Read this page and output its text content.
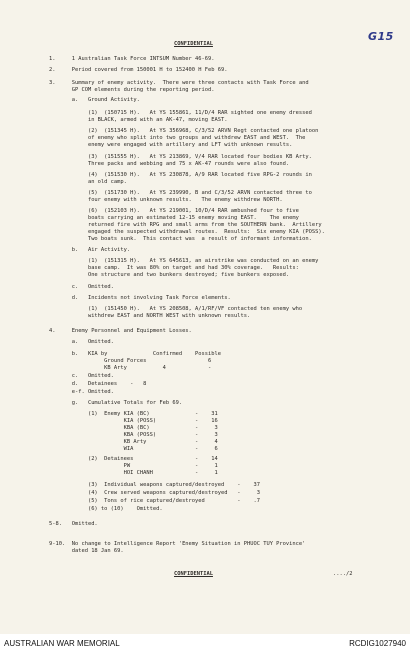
G15
CONFIDENTIAL
1.     1 Australian Task Force INTSUM Number 46-69.
2.     Period covered from 150001 H to 152400 H Feb 69.
3.     Summary of enemy activity.  There were three contacts with Task Force and
GP COM elements during the reporting period.
a.   Ground Activity.
(1)  (150715 H).   At YS 155861, 11/D/4 RAR sighted one enemy dressed
in BLACK, armed with an AK-47, moving EAST.
(2)  (151345 H).   At YS 356968, C/3/52 ARVN Regt contacted one platoon
of enemy who split into two groups and withdrew EAST and WEST.  The
enemy were engaged with artillery and LFT with unknown results.
(3)  (151555 H).   At YS 213869, V/4 RAR located four bodies KB Arty.
Three packs and webbing and 75 x AK-47 rounds were also found.
(4)  (151530 H).   At YS 230878, A/9 RAR located five RPG-2 rounds in
an old camp.
(5)  (151730 H).   At YS 239990, B and C/3/52 ARVN contacted three to
four enemy with unknown results.   The enemy withdrew NORTH.
(6)  (152103 H).   At YS 219001, 10/D/4 RAR ambushed four to five
boats carrying an estimated 12-15 enemy moving EAST.    The enemy
returned fire with RPG and small arms from the SOUTHERN bank.  Artillery
engaged the suspected withdrawal routes.  Results:  Six enemy KIA (POSS).
Two boats sunk.  This contact was  a result of informant information.
b.   Air Activity.
(1)  (151315 H).   At YS 645613, an airstrike was conducted on an enemy
base camp.  It was 80% on target and had 30% coverage.   Results:
One structure and two bunkers destroyed; five bunkers exposed.
c.   Omitted.
d.   Incidents not involving Task Force elements.
(1)  (151450 H).   At YS 208508, A/1/RF/VF contacted ten enemy who
withdrew EAST and NORTH WEST with unknown results.
4.     Enemy Personnel and Equipment Losses.
a.   Omitted.
b.   KIA by              Confirmed    Possible
Ground Forces                   6
KB Arty           4             -
c.   Omitted.
d.   Detainees    -   8
e-f. Omitted.
g.   Cumulative Totals for Feb 69.
(1)  Enemy KIA (BC)              -    31
KIA (POSS)            -    16
KBA (BC)              -     3
KBA (POSS)            -     3
KB Arty               -     4
WIA                   -     6
(2)  Detainees                   -    14
PW                    -     1
HOI CHANH             -     1
(3)  Individual weapons captured/destroyed    -    37
(4)  Crew served weapons captured/destroyed   -     3
(5)  Tons of rice captured/destroyed          -    .7
(6) to (10)    Omitted.
5-8.   Omitted.
9-10.  No change to Intelligence Report 'Enemy Situation in PHUOC TUY Province'
dated 18 Jan 69.
CONFIDENTIAL	..../2
AUSTRALIAN WAR MEMORIAL	RCDIG1027940
